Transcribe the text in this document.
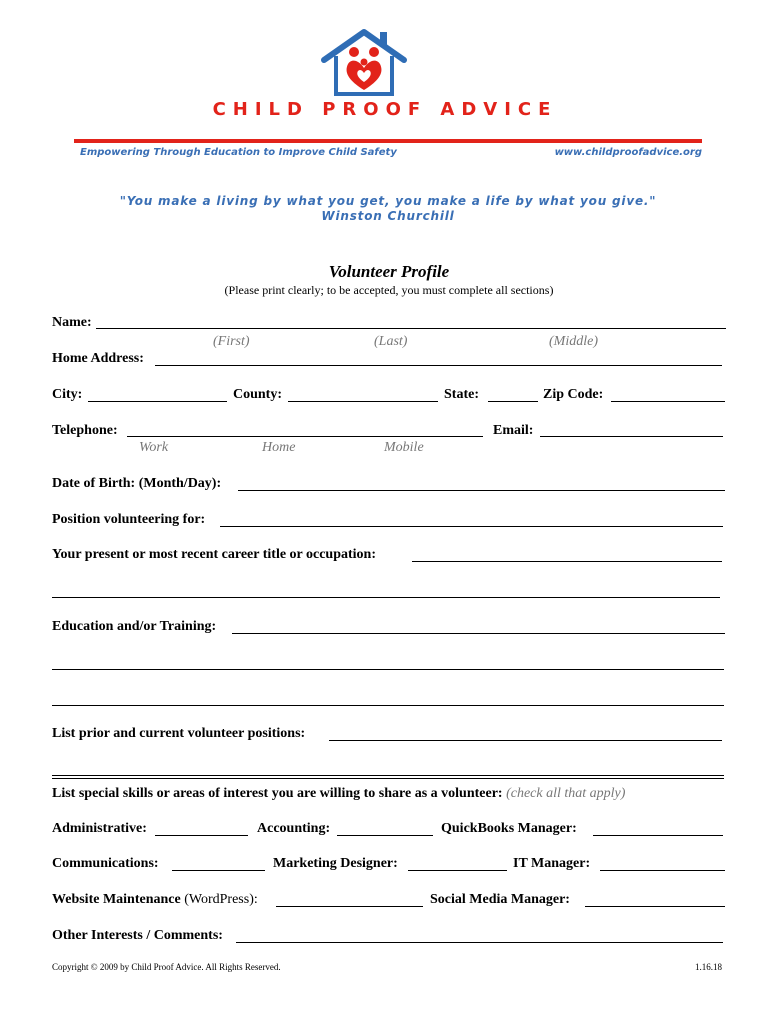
CHILD PROOF ADVICE
Empowering Through Education to Improve Child Safety	www.childproofadvice.org
"You make a living by what you get, you make a life by what you give."
Winston Churchill
Volunteer Profile
(Please print clearly; to be accepted, you must complete all sections)
Name:
(First)	(Last)	(Middle)
Home Address:
City:	County:	State:	Zip Code:
Telephone:
Work	Home	Mobile
Email:
Date of Birth: (Month/Day):
Position volunteering for:
Your present or most recent career title or occupation:
Education and/or Training:
List prior and current volunteer positions:
List special skills or areas of interest you are willing to share as a volunteer: (check all that apply)
Administrative:	Accounting:	QuickBooks Manager:
Communications:	Marketing Designer:	IT Manager:
Website Maintenance (WordPress):	Social Media Manager:
Other Interests / Comments:
Copyright © 2009 by Child Proof Advice. All Rights Reserved.	1.16.18
